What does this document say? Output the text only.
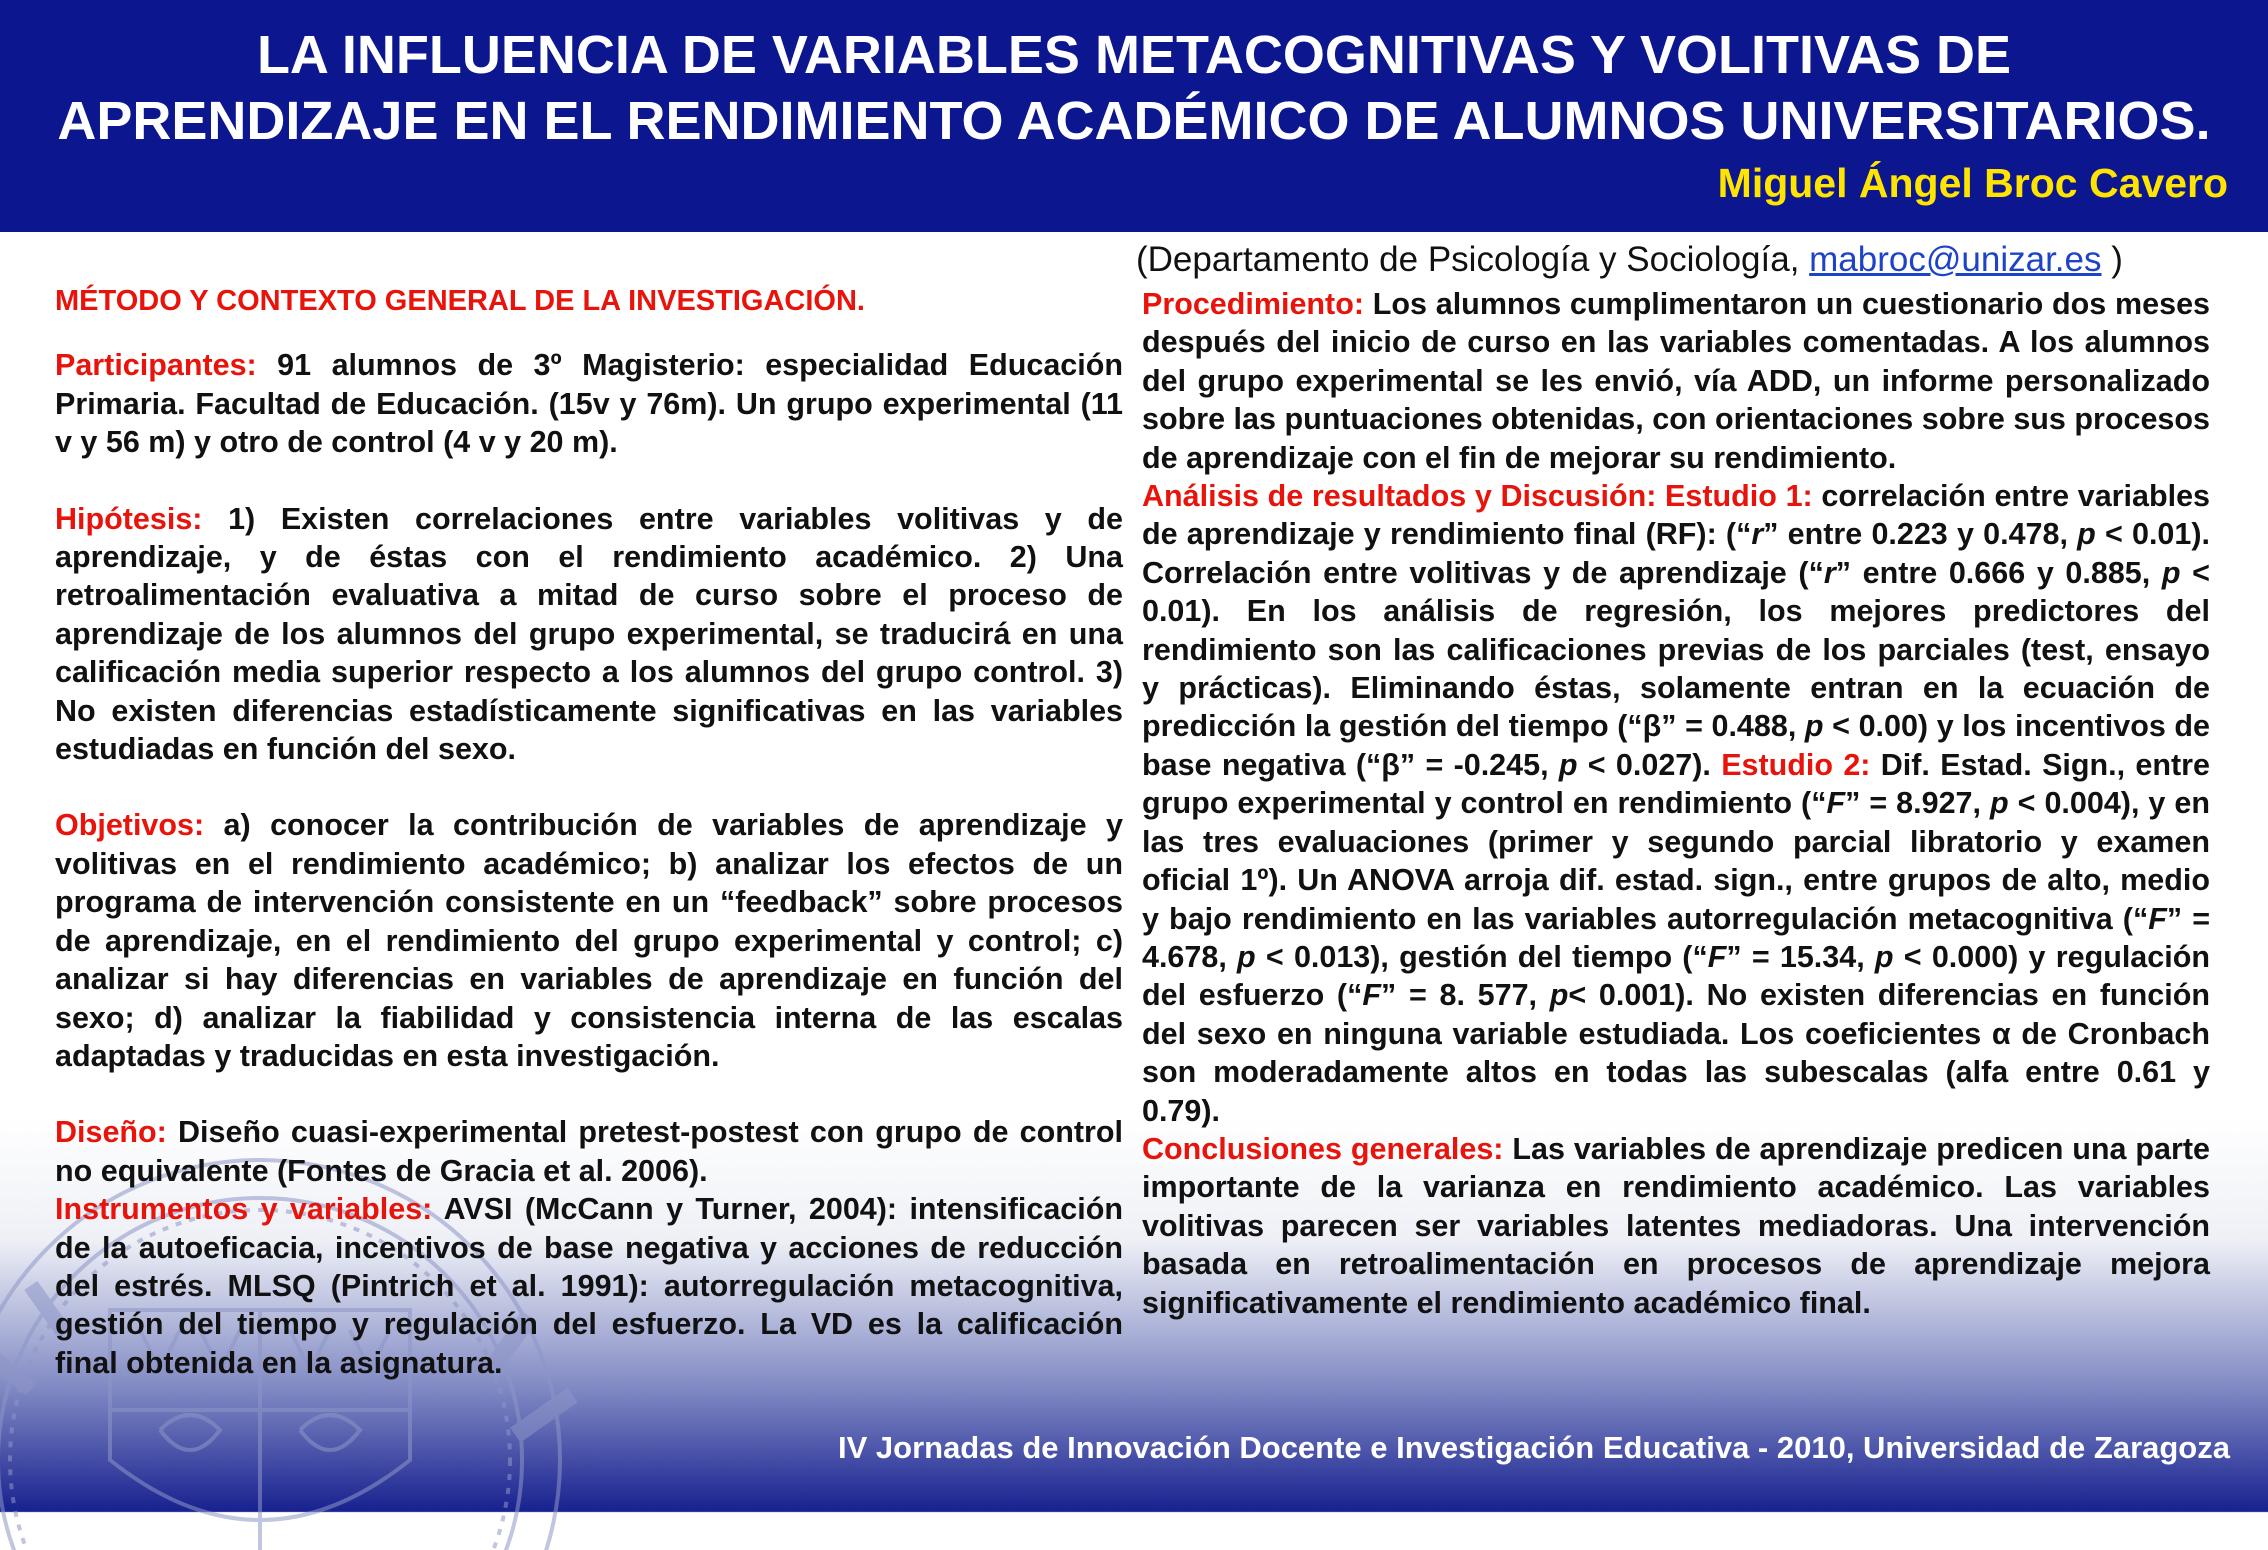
LA INFLUENCIA DE VARIABLES METACOGNITIVAS Y VOLITIVAS DE
APRENDIZAJE EN EL RENDIMIENTO ACADÉMICO DE ALUMNOS UNIVERSITARIOS.

Miguel Ángel Broc Cavero

(Departamento de Psicología y Sociología, mabroc@unizar.es )

MÉTODO Y CONTEXTO GENERAL DE LA INVESTIGACIÓN.

Participantes: 91 alumnos de 3º Magisterio: especialidad Educación Primaria. Facultad de Educación. (15v y 76m). Un grupo experimental (11 v y 56 m) y otro de control (4 v y 20 m).

Hipótesis: 1) Existen correlaciones entre variables volitivas y de aprendizaje, y de éstas con el rendimiento académico. 2) Una retroalimentación evaluativa a mitad de curso sobre el proceso de aprendizaje de los alumnos del grupo experimental, se traducirá en una calificación media superior respecto a los alumnos del grupo control. 3) No existen diferencias estadísticamente significativas en las variables estudiadas en función del sexo.

Objetivos: a) conocer la contribución de variables de aprendizaje y volitivas en el rendimiento académico; b) analizar los efectos de un programa de intervención consistente en un “feedback” sobre procesos de aprendizaje, en el rendimiento del grupo experimental y control; c) analizar si hay diferencias en variables de aprendizaje en función del sexo; d) analizar la fiabilidad y consistencia interna de las escalas adaptadas y traducidas en esta investigación.

Diseño: Diseño cuasi-experimental pretest-postest con grupo de control no equivalente (Fontes de Gracia et al. 2006).

Instrumentos y variables: AVSI (McCann y Turner, 2004): intensificación de la autoeficacia, incentivos de base negativa y acciones de reducción del estrés. MLSQ (Pintrich et al. 1991): autorregulación metacognitiva, gestión del tiempo y regulación del esfuerzo. La VD es la calificación final obtenida en la asignatura.

Procedimiento: Los alumnos cumplimentaron un cuestionario dos meses después del inicio de curso en las variables comentadas. A los alumnos del grupo experimental se les envió, vía ADD, un informe personalizado sobre las puntuaciones obtenidas, con orientaciones sobre sus procesos de aprendizaje con el fin de mejorar su rendimiento.

Análisis de resultados y Discusión: Estudio 1: correlación entre variables de aprendizaje y rendimiento final (RF): (“r” entre 0.223 y 0.478, p < 0.01). Correlación entre volitivas y de aprendizaje (“r” entre 0.666 y 0.885, p < 0.01). En los análisis de regresión, los mejores predictores del rendimiento son las calificaciones previas de los parciales (test, ensayo y prácticas). Eliminando éstas, solamente entran en la ecuación de predicción la gestión del tiempo (“β” = 0.488, p < 0.00) y los incentivos de base negativa (“β” = -0.245, p < 0.027). Estudio 2: Dif. Estad. Sign., entre grupo experimental y control en rendimiento (“F” = 8.927, p < 0.004), y en las tres evaluaciones (primer y segundo parcial libratorio y examen oficial 1º). Un ANOVA arroja dif. estad. sign., entre grupos de alto, medio y bajo rendimiento en las variables autorregulación metacognitiva (“F” = 4.678, p < 0.013), gestión del tiempo (“F” = 15.34, p < 0.000) y regulación del esfuerzo (“F” = 8. 577, p< 0.001). No existen diferencias en función del sexo en ninguna variable estudiada. Los coeficientes α de Cronbach son moderadamente altos en todas las subescalas (alfa entre 0.61 y 0.79).

Conclusiones generales: Las variables de aprendizaje predicen una parte importante de la varianza en rendimiento académico. Las variables volitivas parecen ser variables latentes mediadoras. Una intervención basada en retroalimentación en procesos de aprendizaje mejora significativamente el rendimiento académico final.

IV Jornadas de Innovación Docente e Investigación Educativa - 2010, Universidad de Zaragoza
